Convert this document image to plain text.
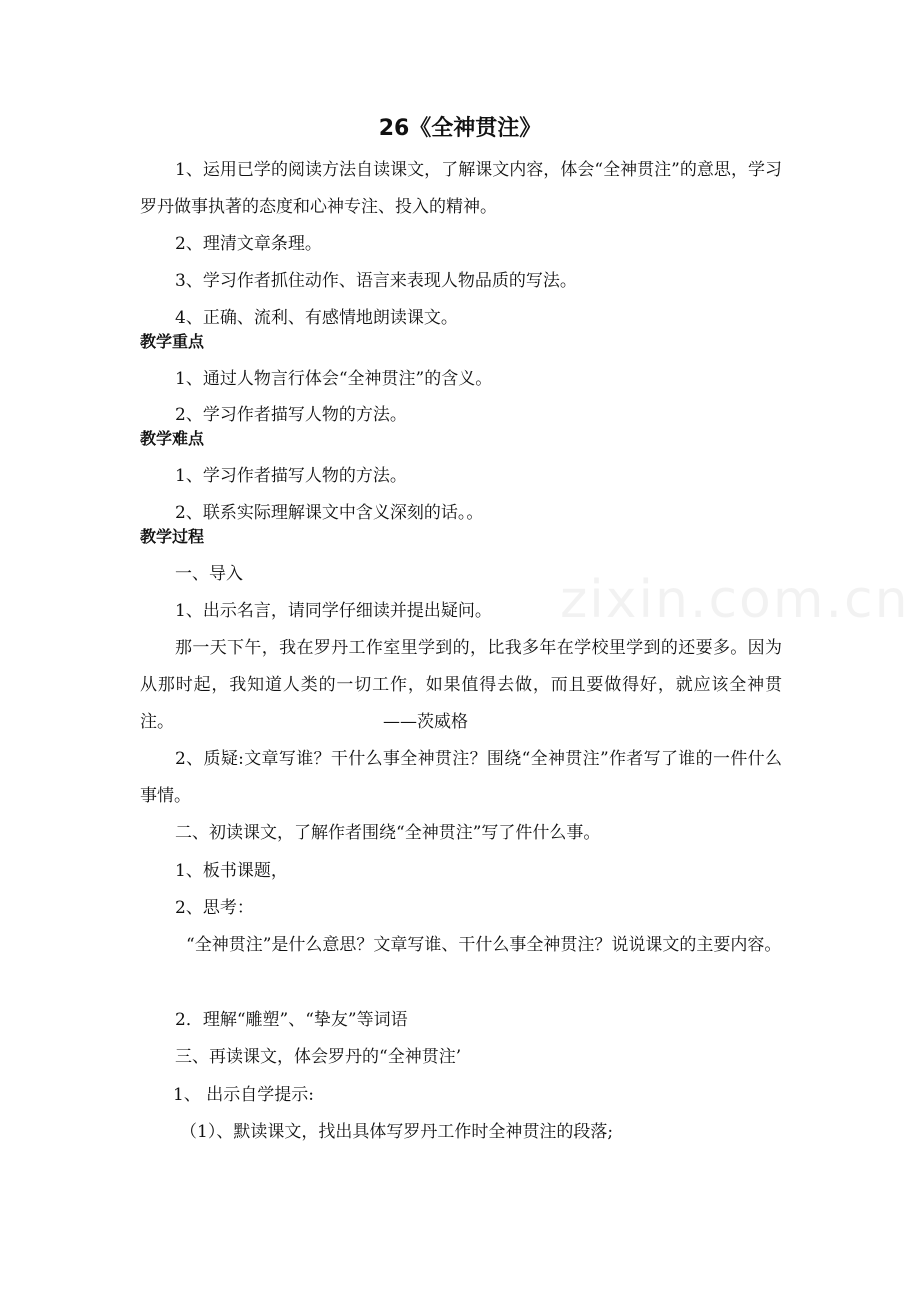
zixin.com.cn
26《全神贯注》
1、运用已学的阅读方法自读课文，了解课文内容，体会“全神贯注”的意思，学习罗丹做事执著的态度和心神专注、投入的精神。
2、理清文章条理。
3、学习作者抓住动作、语言来表现人物品质的写法。
4、正确、流利、有感情地朗读课文。
教学重点
1、通过人物言行体会“全神贯注”的含义。
2、学习作者描写人物的方法。
教学难点
1、学习作者描写人物的方法。
2、联系实际理解课文中含义深刻的话。。
教学过程
一、导入
1、出示名言，请同学仔细读并提出疑问。
那一天下午，我在罗丹工作室里学到的，比我多年在学校里学到的还要多。因为从那时起，我知道人类的一切工作，如果值得去做，而且要做得好，就应该全神贯注。	——茨威格
2、质疑:文章写谁？干什么事全神贯注？围绕“全神贯注”作者写了谁的一件什么事情。
二、初读课文，了解作者围绕“全神贯注”写了件什么事。
1、板书课题，
2、思考：
“全神贯注”是什么意思？文章写谁、干什么事全神贯注？说说课文的主要内容。
2．理解“雕塑”、“挚友”等词语
三、再读课文，体会罗丹的“全神贯注’
1、 出示自学提示:
（1）、默读课文，找出具体写罗丹工作时全神贯注的段落;
